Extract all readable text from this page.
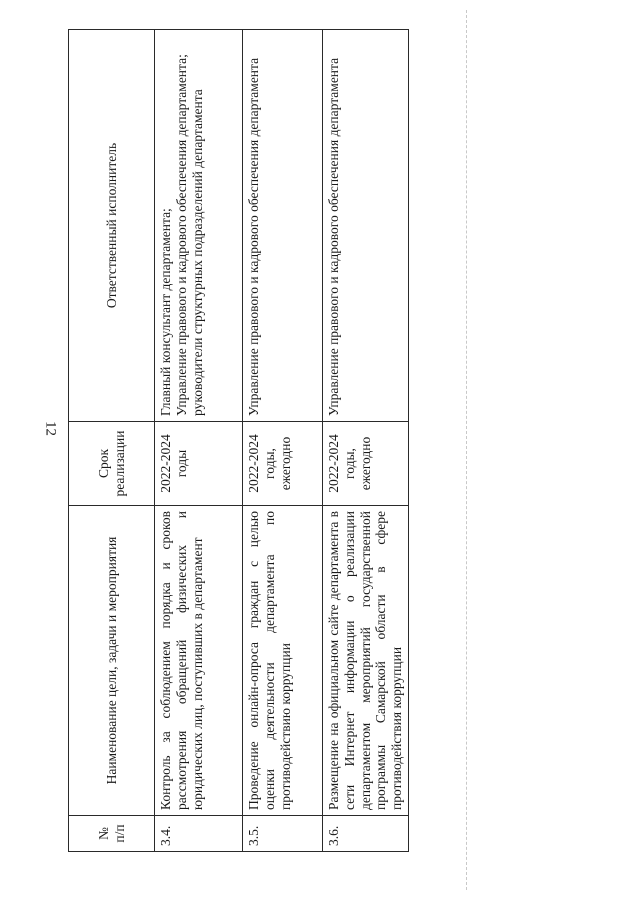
12
№ п/п	Наименование цели, задачи и мероприятия	Срок реализации	Ответственный исполнитель
3.4.	Контроль за соблюдением порядка и сроков рассмотрения обращений физических и юридических лиц, поступивших в департамент	2022-2024 годы	Главный консультант департамента; Управление правового и кадрового обеспечения департамента; руководители структурных подразделений департамента

3.5.	Проведение онлайн-опроса граждан с целью оценки деятельности департамента по противодействию коррупции	2022-2024 годы, ежегодно	Управление правового и кадрового обеспечения департамента

3.6.	Размещение на официальном сайте департамента в сети Интернет информации о реализации департаментом мероприятий государственной программы Самарской области в сфере противодействия коррупции	2022-2024 годы, ежегодно	Управление правового и кадрового обеспечения департамента
